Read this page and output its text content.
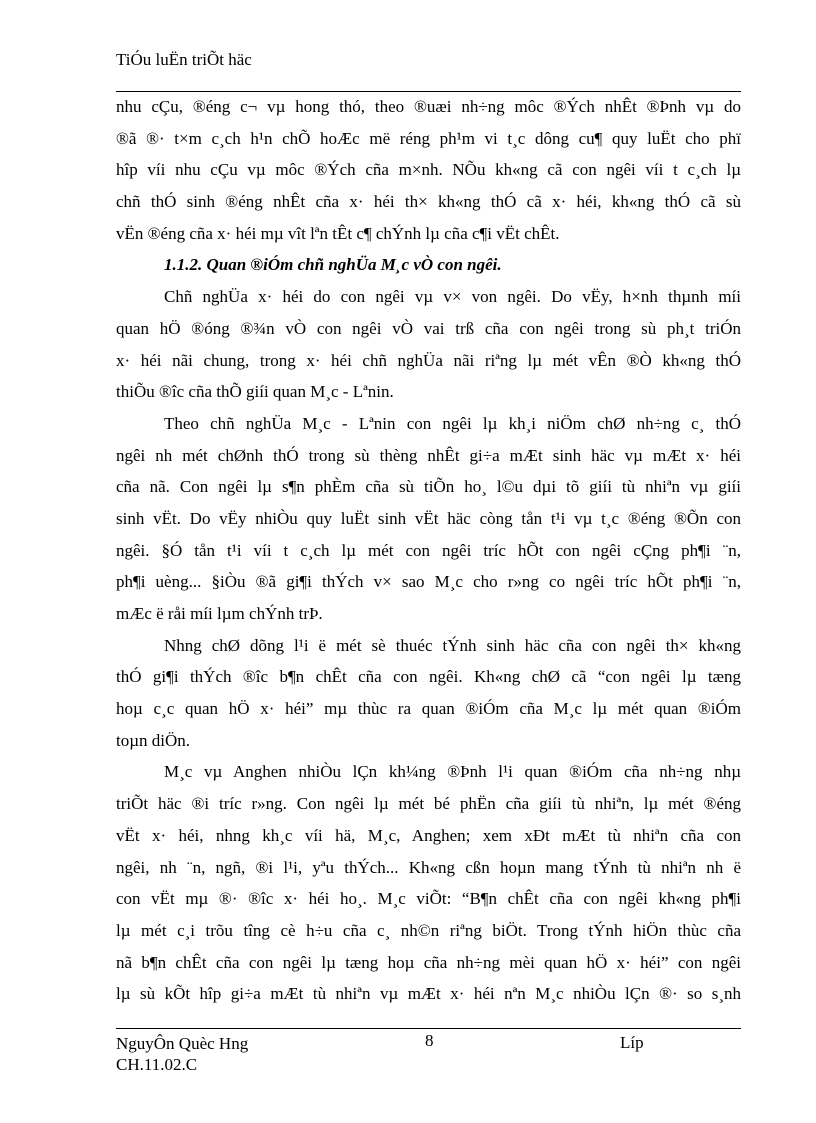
TiÓu luËn triÕt häc
nhu cÇu, ®éng c¬ vµ hong thó, theo ®uæi nh÷ng môc ®Ých nhÊt ®Þnh vµ do
®ã ®· t×m c¸ch h¹n chÕ hoÆc më réng ph¹m vi t¸c dông cu¶ quy luËt cho phï
hîp víi nhu cÇu vµ môc ®Ých cña m×nh. NÕu kh«ng cã con ngêi víi t c¸ch lµ
chñ thÓ sinh ®éng nhÊt cña x· héi th× kh«ng thÓ cã x· héi, kh«ng thÓ cã sù
vËn ®éng cña x· héi mµ vît lªn tÊt c¶ chÝnh lµ cña c¶i vËt chÊt.
1.1.2. Quan ®iÓm chñ nghÜa M¸c vÒ con ngêi.
Chñ nghÜa x· héi do con ngêi vµ v× von ngêi. Do vËy, h×nh thµnh míi
quan hÖ ®óng ®¾n vÒ con ngêi vÒ vai trß cña con ngêi trong sù ph¸t triÓn
x· héi nãi chung, trong x· héi chñ nghÜa nãi riªng lµ mét vÊn ®Ò kh«ng thÓ
thiÕu ®îc cña thÕ giíi quan M¸c - Lªnin.
Theo chñ nghÜa M¸c - Lªnin con ngêi lµ kh¸i niÖm chØ nh÷ng c¸ thÓ
ngêi nh mét chØnh thÓ trong sù thèng nhÊt gi÷a mÆt sinh häc vµ mÆt x· héi
cña nã. Con ngêi lµ s¶n phÈm cña sù tiÕn ho¸ l©u dµi tõ giíi tù nhiªn vµ giíi
sinh vËt. Do vËy nhiÒu quy luËt sinh vËt häc còng tån t¹i vµ t¸c ®éng ®Õn con
ngêi. §Ó tån t¹i víi t c¸ch lµ mét con ngêi tríc hÕt con ngêi cÇng ph¶i ¨n,
ph¶i uèng... §iÒu ®ã gi¶i thÝch v× sao M¸c cho r»ng co ngêi tríc hÕt ph¶i ¨n,
mÆc ë råi míi lµm chÝnh trÞ.
Nhng chØ dõng l¹i ë mét sè thuéc tÝnh sinh häc cña con ngêi th× kh«ng
thÓ gi¶i thÝch ®îc b¶n chÊt cña con ngêi. Kh«ng chØ cã “con ngêi lµ tæng
hoµ c¸c quan hÖ x· héi” mµ thùc ra quan ®iÓm cña M¸c lµ mét quan ®iÓm
toµn diÖn.
M¸c vµ Anghen nhiÒu lÇn kh¼ng ®Þnh l¹i quan ®iÓm cña nh÷ng nhµ
triÕt häc ®i tríc r»ng. Con ngêi lµ mét bé phËn cña giíi tù nhiªn, lµ mét ®éng
vËt x· héi, nhng kh¸c víi hä, M¸c, Anghen; xem xÐt mÆt tù nhiªn cña con
ngêi, nh ¨n, ngñ, ®i l¹i, yªu thÝch... Kh«ng cßn hoµn mang tÝnh tù nhiªn nh ë
con vËt mµ ®· ®îc x· héi ho¸. M¸c viÕt: “B¶n chÊt cña con ngêi kh«ng ph¶i
lµ mét c¸i trõu tîng cè h÷u cña c¸ nh©n riªng biÖt. Trong tÝnh hiÖn thùc cña
nã b¶n chÊt cña con ngêi lµ tæng hoµ cña nh÷ng mèi quan hÖ x· héi” con ngêi
lµ sù kÕt hîp gi÷a mÆt tù nhiªn vµ mÆt x· héi nªn M¸c nhiÒu lÇn ®· so s¸nh
NguyÔn Quèc Hng
CH.11.02.C
8	Líp
